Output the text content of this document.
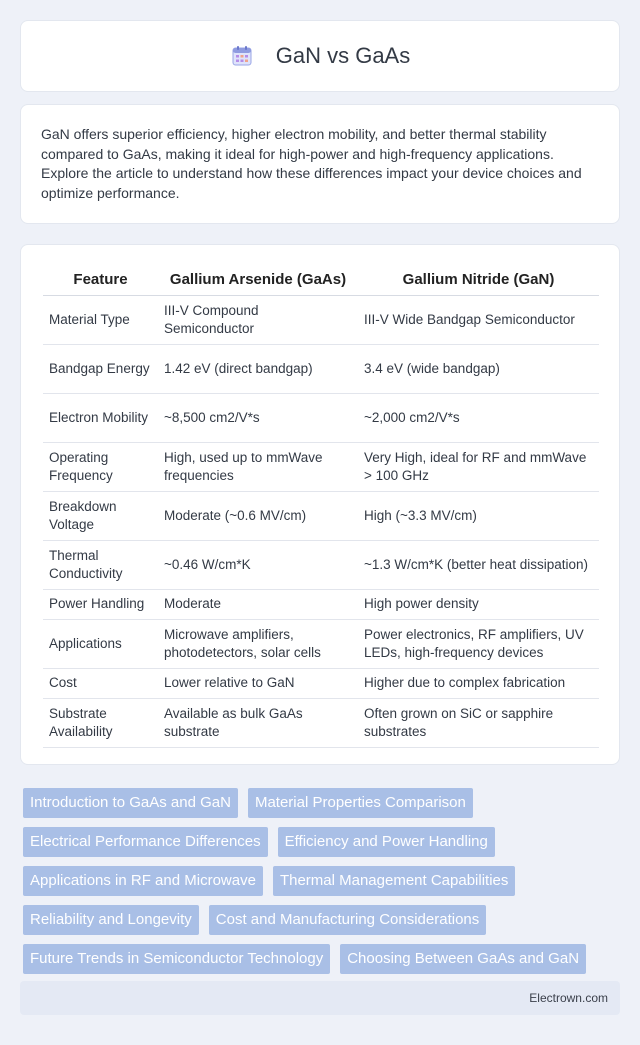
GaN vs GaAs

GaN offers superior efficiency, higher electron mobility, and better thermal stability compared to GaAs, making it ideal for high-power and high-frequency applications. Explore the article to understand how these differences impact your device choices and optimize performance.

Feature	Gallium Arsenide (GaAs)	Gallium Nitride (GaN)
Material Type	III-V Compound Semiconductor	III-V Wide Bandgap Semiconductor
Bandgap Energy	1.42 eV (direct bandgap)	3.4 eV (wide bandgap)
Electron Mobility	~8,500 cm2/V*s	~2,000 cm2/V*s
Operating Frequency	High, used up to mmWave frequencies	Very High, ideal for RF and mmWave > 100 GHz
Breakdown Voltage	Moderate (~0.6 MV/cm)	High (~3.3 MV/cm)
Thermal Conductivity	~0.46 W/cm*K	~1.3 W/cm*K (better heat dissipation)
Power Handling	Moderate	High power density
Applications	Microwave amplifiers, photodetectors, solar cells	Power electronics, RF amplifiers, UV LEDs, high-frequency devices
Cost	Lower relative to GaN	Higher due to complex fabrication
Substrate Availability	Available as bulk GaAs substrate	Often grown on SiC or sapphire substrates
Introduction to GaAs and GaN	Material Properties Comparison
Electrical Performance Differences	Efficiency and Power Handling
Applications in RF and Microwave	Thermal Management Capabilities
Reliability and Longevity	Cost and Manufacturing Considerations
Future Trends in Semiconductor Technology	Choosing Between GaAs and GaN
Electrown.com
